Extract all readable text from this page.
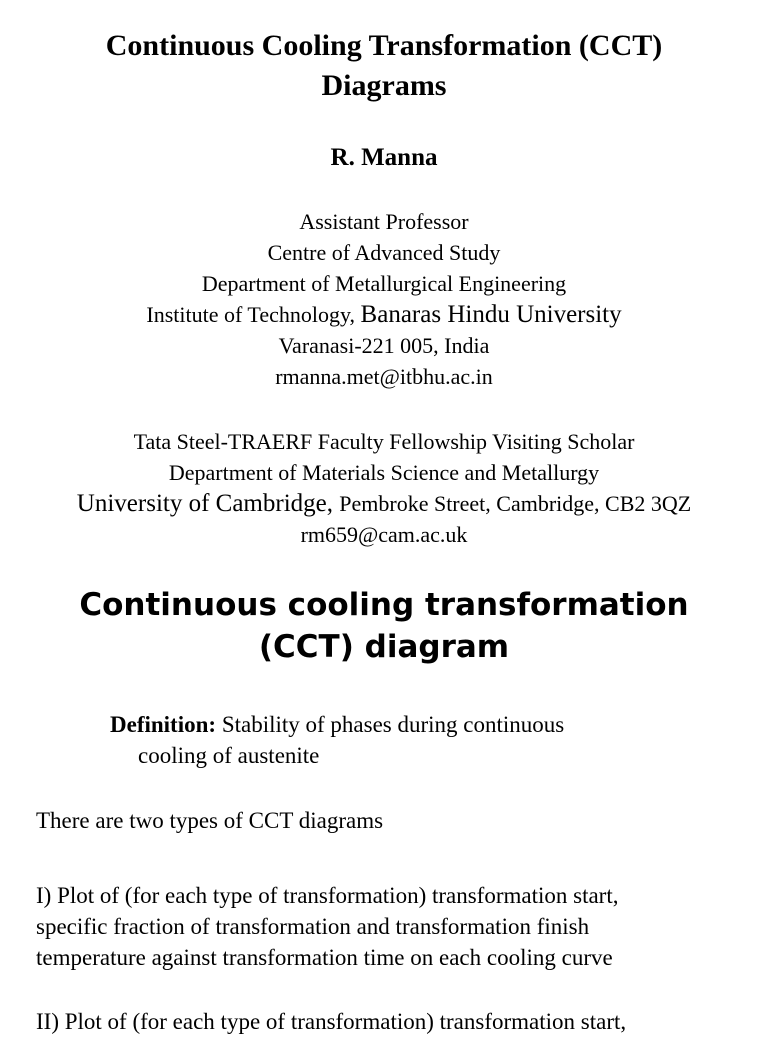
Continuous Cooling Transformation (CCT)
Diagrams
R. Manna
Assistant Professor
Centre of Advanced Study
Department of Metallurgical Engineering
Institute of Technology, Banaras Hindu University
Varanasi-221 005, India
rmanna.met@itbhu.ac.in
Tata Steel-TRAERF Faculty Fellowship Visiting Scholar
Department of Materials Science and Metallurgy
University of Cambridge, Pembroke Street, Cambridge, CB2 3QZ
rm659@cam.ac.uk
Continuous cooling transformation
(CCT) diagram

Definition: Stability of phases during continuous
cooling of austenite

There are two types of CCT diagrams

I) Plot of (for each type of transformation) transformation start,
specific fraction of transformation and transformation finish
temperature against transformation time on each cooling curve

II) Plot of (for each type of transformation) transformation start,
